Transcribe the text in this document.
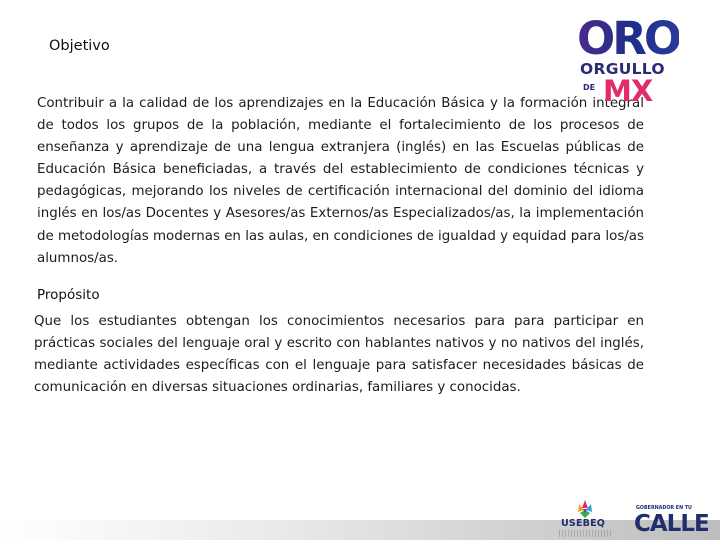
Objetivo

Contribuir a la calidad de los aprendizajes en la Educación Básica y la formación integral de todos los grupos de la población, mediante el fortalecimiento de los procesos de enseñanza y aprendizaje de una lengua extranjera (inglés) en las Escuelas públicas de Educación Básica beneficiadas, a través del establecimiento de condiciones técnicas y pedagógicas, mejorando los niveles de certificación internacional del dominio del idioma inglés en los/as Docentes y Asesores/as Externos/as Especializados/as, la implementación de metodologías modernas en las aulas, en condiciones de igualdad y equidad para los/as alumnos/as.

Propósito

Que los estudiantes obtengan los conocimientos necesarios para para participar en prácticas sociales del lenguaje oral y escrito con hablantes nativos y no nativos del inglés, mediante actividades específicas con el lenguaje para satisfacer necesidades básicas de comunicación en diversas situaciones ordinarias, familiares y conocidas.

ORO
ORGULLO
DE MX
USEBEQ
GOBERNADOR EN TU
CALLE
